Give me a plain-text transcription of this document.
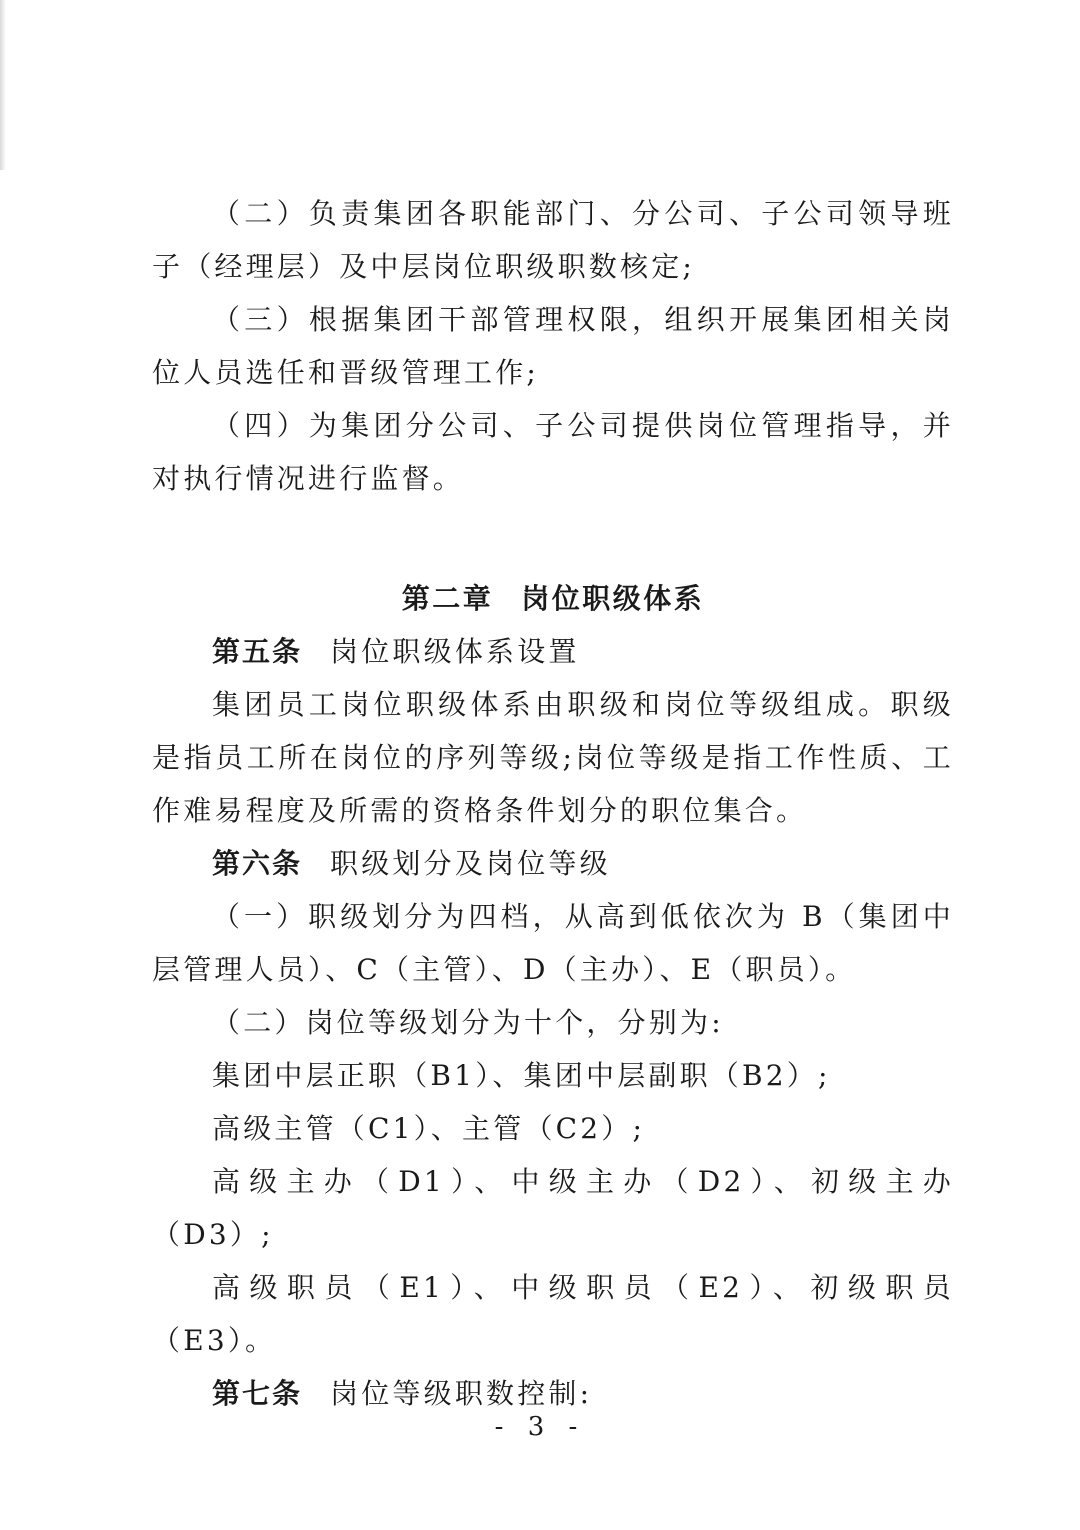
（二）负责集团各职能部门、分公司、子公司领导班子（经理层）及中层岗位职级职数核定;

（三）根据集团干部管理权限，组织开展集团相关岗位人员选任和晋级管理工作;

（四）为集团分公司、子公司提供岗位管理指导，并对执行情况进行监督。

第二章 岗位职级体系

第五条 岗位职级体系设置

集团员工岗位职级体系由职级和岗位等级组成。职级是指员工所在岗位的序列等级;岗位等级是指工作性质、工作难易程度及所需的资格条件划分的职位集合。

第六条 职级划分及岗位等级

（一）职级划分为四档，从高到低依次为 B（集团中层管理人员）、C（主管）、D（主办）、E（职员）。

（二）岗位等级划分为十个，分别为:

集团中层正职（B1）、集团中层副职（B2）;

高级主管（C1）、主管（C2）;

高级主办（D1）、中级主办（D2）、初级主办（D3）;

高级职员（E1）、中级职员（E2）、初级职员（E3）。

第七条 岗位等级职数控制:

- 3 -
